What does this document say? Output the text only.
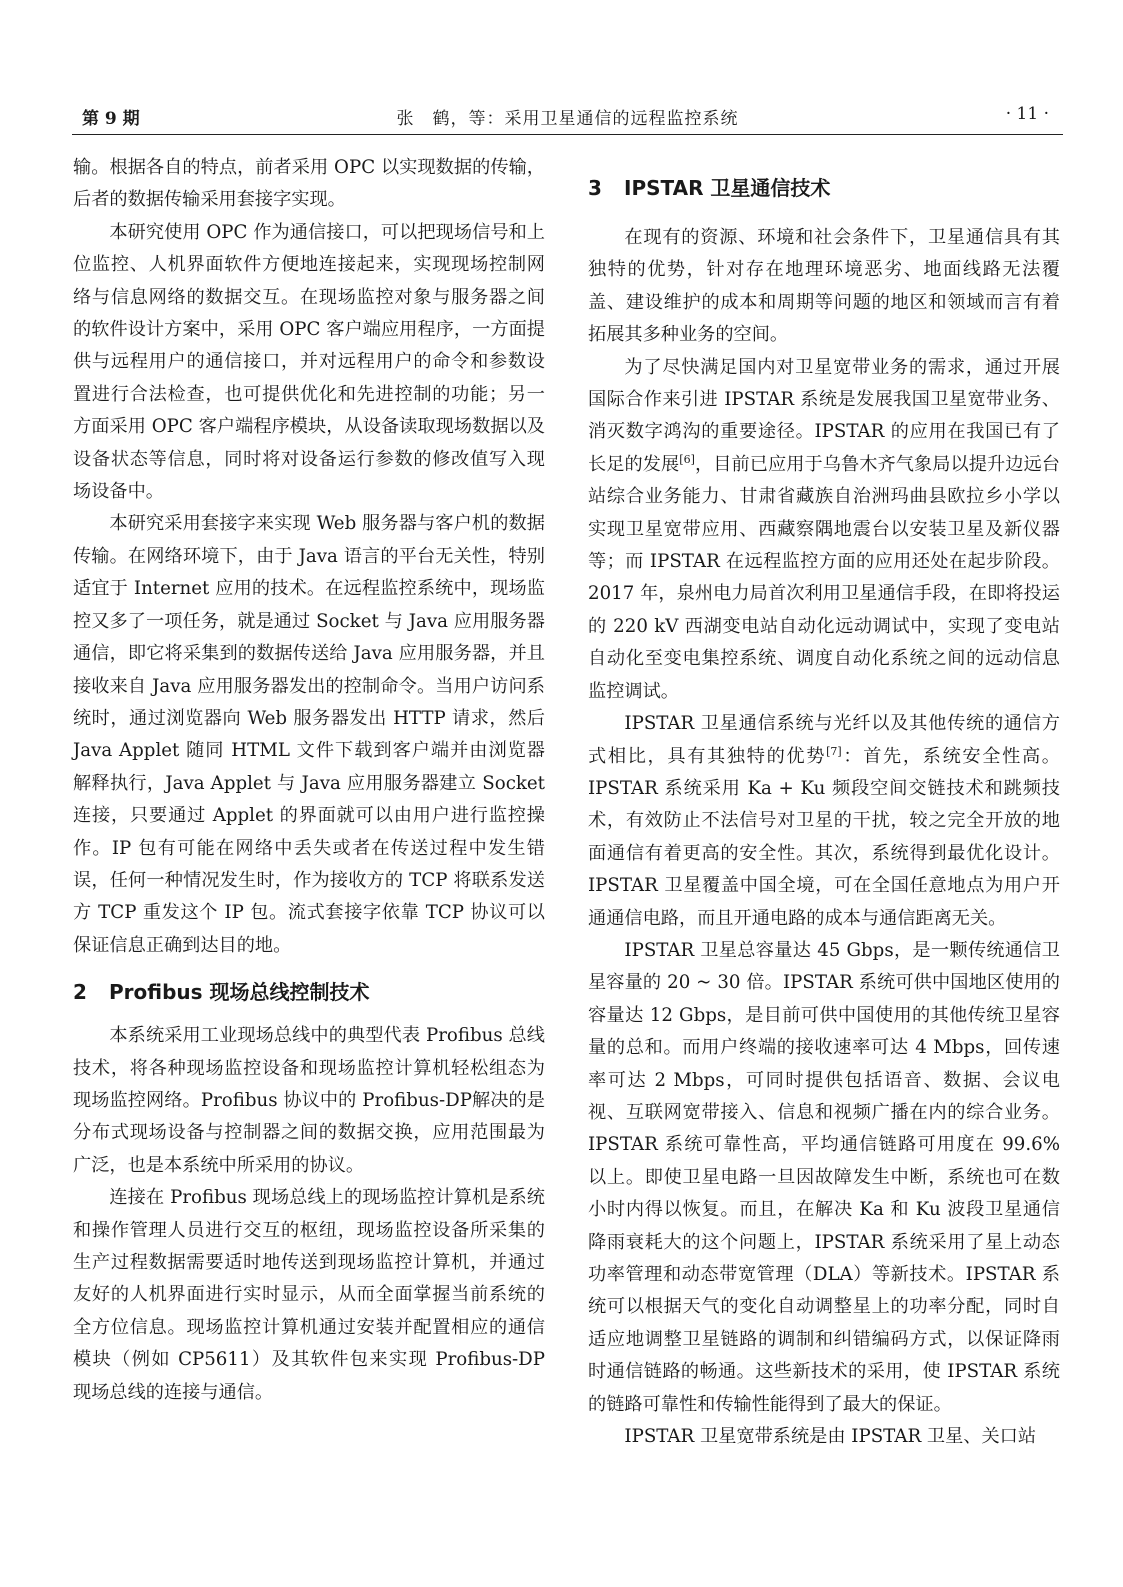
第 9 期	张　鹤，等：采用卫星通信的远程监控系统	· 11 ·

输。根据各自的特点，前者采用 OPC 以实现数据的传输，后者的数据传输采用套接字实现。

本研究使用 OPC 作为通信接口，可以把现场信号和上位监控、人机界面软件方便地连接起来，实现现场控制网络与信息网络的数据交互。在现场监控对象与服务器之间的软件设计方案中，采用 OPC 客户端应用程序，一方面提供与远程用户的通信接口，并对远程用户的命令和参数设置进行合法检查，也可提供优化和先进控制的功能；另一方面采用 OPC 客户端程序模块，从设备读取现场数据以及设备状态等信息，同时将对设备运行参数的修改值写入现场设备中。

本研究采用套接字来实现 Web 服务器与客户机的数据传输。在网络环境下，由于 Java 语言的平台无关性，特别适宜于 Internet 应用的技术。在远程监控系统中，现场监控又多了一项任务，就是通过 Socket 与 Java 应用服务器通信，即它将采集到的数据传送给 Java 应用服务器，并且接收来自 Java 应用服务器发出的控制命令。当用户访问系统时，通过浏览器向 Web 服务器发出 HTTP 请求，然后 Java Applet 随同 HTML 文件下载到客户端并由浏览器解释执行，Java Applet 与 Java 应用服务器建立 Socket 连接，只要通过 Applet 的界面就可以由用户进行监控操作。IP 包有可能在网络中丢失或者在传送过程中发生错误，任何一种情况发生时，作为接收方的 TCP 将联系发送方 TCP 重发这个 IP 包。流式套接字依靠 TCP 协议可以保证信息正确到达目的地。

2 Profibus 现场总线控制技术

本系统采用工业现场总线中的典型代表 Profibus 总线技术，将各种现场监控设备和现场监控计算机轻松组态为现场监控网络。Profibus 协议中的 Profibus-DP解决的是分布式现场设备与控制器之间的数据交换，应用范围最为广泛，也是本系统中所采用的协议。

连接在 Profibus 现场总线上的现场监控计算机是系统和操作管理人员进行交互的枢纽，现场监控设备所采集的生产过程数据需要适时地传送到现场监控计算机，并通过友好的人机界面进行实时显示，从而全面掌握当前系统的全方位信息。现场监控计算机通过安装并配置相应的通信模块（例如 CP5611）及其软件包来实现 Profibus-DP 现场总线的连接与通信。

3 IPSTAR 卫星通信技术

在现有的资源、环境和社会条件下，卫星通信具有其独特的优势，针对存在地理环境恶劣、地面线路无法覆盖、建设维护的成本和周期等问题的地区和领域而言有着拓展其多种业务的空间。

为了尽快满足国内对卫星宽带业务的需求，通过开展国际合作来引进 IPSTAR 系统是发展我国卫星宽带业务、消灭数字鸿沟的重要途径。IPSTAR 的应用在我国已有了长足的发展[6]，目前已应用于乌鲁木齐气象局以提升边远台站综合业务能力、甘肃省藏族自治洲玛曲县欧拉乡小学以实现卫星宽带应用、西藏察隅地震台以安装卫星及新仪器等；而 IPSTAR 在远程监控方面的应用还处在起步阶段。2017 年，泉州电力局首次利用卫星通信手段，在即将投运的 220 kV 西湖变电站自动化远动调试中，实现了变电站自动化至变电集控系统、调度自动化系统之间的远动信息监控调试。

IPSTAR 卫星通信系统与光纤以及其他传统的通信方式相比，具有其独特的优势[7]：首先，系统安全性高。IPSTAR 系统采用 Ka + Ku 频段空间交链技术和跳频技术，有效防止不法信号对卫星的干扰，较之完全开放的地面通信有着更高的安全性。其次，系统得到最优化设计。IPSTAR 卫星覆盖中国全境，可在全国任意地点为用户开通通信电路，而且开通电路的成本与通信距离无关。

IPSTAR 卫星总容量达 45 Gbps，是一颗传统通信卫星容量的 20 ~ 30 倍。IPSTAR 系统可供中国地区使用的容量达 12 Gbps，是目前可供中国使用的其他传统卫星容量的总和。而用户终端的接收速率可达 4 Mbps，回传速率可达 2 Mbps，可同时提供包括语音、数据、会议电视、互联网宽带接入、信息和视频广播在内的综合业务。IPSTAR 系统可靠性高，平均通信链路可用度在 99.6% 以上。即使卫星电路一旦因故障发生中断，系统也可在数小时内得以恢复。而且，在解决 Ka 和 Ku 波段卫星通信降雨衰耗大的这个问题上，IPSTAR 系统采用了星上动态功率管理和动态带宽管理（DLA）等新技术。IPSTAR 系统可以根据天气的变化自动调整星上的功率分配，同时自适应地调整卫星链路的调制和纠错编码方式，以保证降雨时通信链路的畅通。这些新技术的采用，使 IPSTAR 系统的链路可靠性和传输性能得到了最大的保证。

IPSTAR 卫星宽带系统是由 IPSTAR 卫星、关口站
